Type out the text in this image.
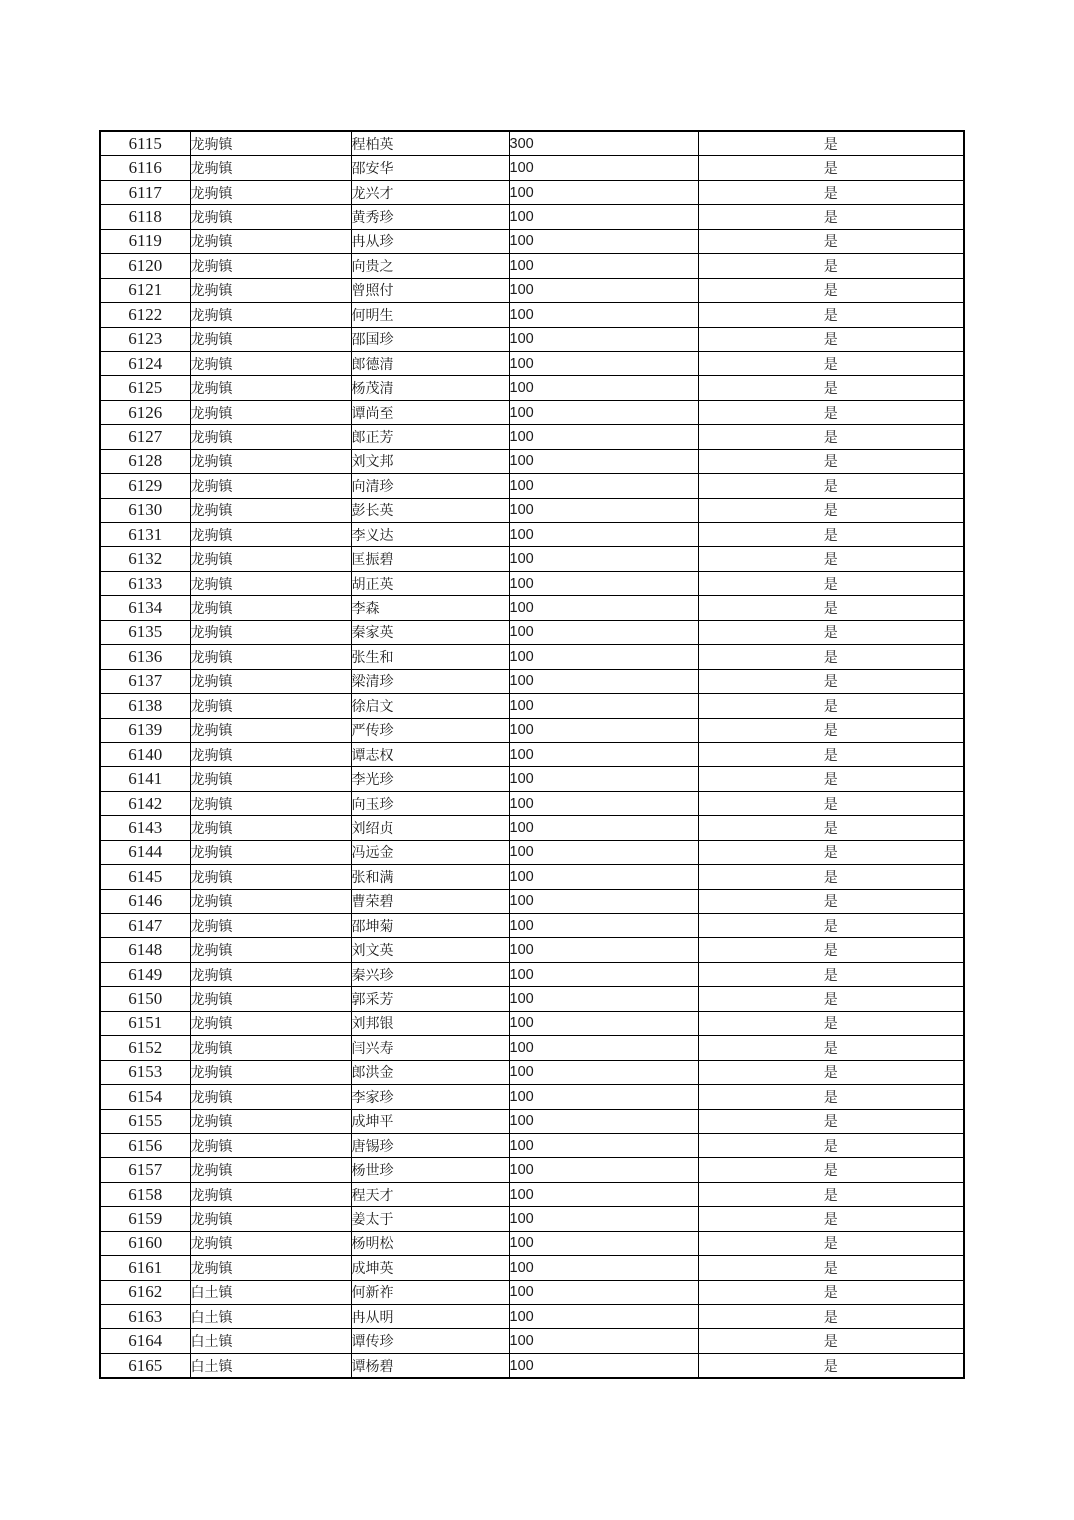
6115	龙驹镇	程柏英	300	是
6116	龙驹镇	邵安华	100	是
6117	龙驹镇	龙兴才	100	是
6118	龙驹镇	黄秀珍	100	是
6119	龙驹镇	冉从珍	100	是
6120	龙驹镇	向贵之	100	是
6121	龙驹镇	曾照付	100	是
6122	龙驹镇	何明生	100	是
6123	龙驹镇	邵国珍	100	是
6124	龙驹镇	郎德清	100	是
6125	龙驹镇	杨茂清	100	是
6126	龙驹镇	谭尚至	100	是
6127	龙驹镇	郎正芳	100	是
6128	龙驹镇	刘文邦	100	是
6129	龙驹镇	向清珍	100	是
6130	龙驹镇	彭长英	100	是
6131	龙驹镇	李义达	100	是
6132	龙驹镇	匡振碧	100	是
6133	龙驹镇	胡正英	100	是
6134	龙驹镇	李森	100	是
6135	龙驹镇	秦家英	100	是
6136	龙驹镇	张生和	100	是
6137	龙驹镇	梁清珍	100	是
6138	龙驹镇	徐启文	100	是
6139	龙驹镇	严传珍	100	是
6140	龙驹镇	谭志权	100	是
6141	龙驹镇	李光珍	100	是
6142	龙驹镇	向玉珍	100	是
6143	龙驹镇	刘绍贞	100	是
6144	龙驹镇	冯远金	100	是
6145	龙驹镇	张和满	100	是
6146	龙驹镇	曹荣碧	100	是
6147	龙驹镇	邵坤菊	100	是
6148	龙驹镇	刘文英	100	是
6149	龙驹镇	秦兴珍	100	是
6150	龙驹镇	郭采芳	100	是
6151	龙驹镇	刘邦银	100	是
6152	龙驹镇	闫兴寿	100	是
6153	龙驹镇	郎洪金	100	是
6154	龙驹镇	李家珍	100	是
6155	龙驹镇	成坤平	100	是
6156	龙驹镇	唐锡珍	100	是
6157	龙驹镇	杨世珍	100	是
6158	龙驹镇	程天才	100	是
6159	龙驹镇	姜太于	100	是
6160	龙驹镇	杨明松	100	是
6161	龙驹镇	成坤英	100	是
6162	白土镇	何新祚	100	是
6163	白土镇	冉从明	100	是
6164	白土镇	谭传珍	100	是
6165	白土镇	谭杨碧	100	是
